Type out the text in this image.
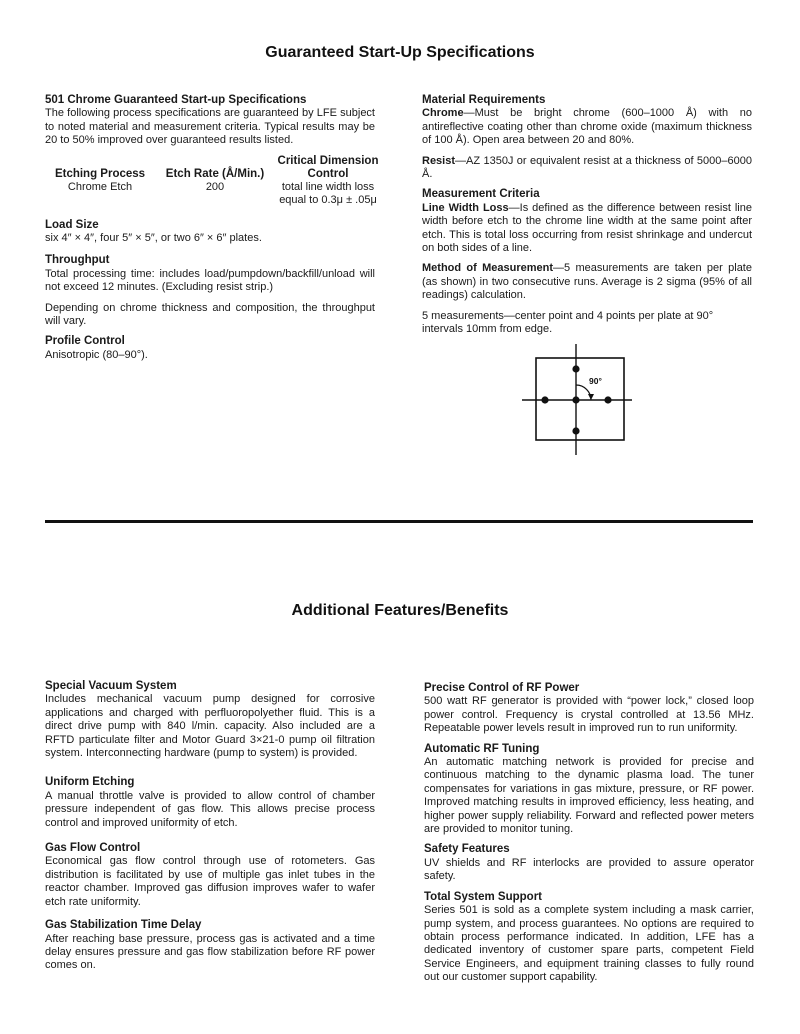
Guaranteed Start-Up Specifications
501 Chrome Guaranteed Start-up Specifications

The following process specifications are guaranteed by LFE subject to noted material and measurement criteria. Typical results may be 20 to 50% improved over guaranteed results listed.

Etching Process	Etch Rate (Å/Min.)	Critical Dimension Control
Chrome Etch	200	total line width loss equal to 0.3μ ± .05μ
Load Size

six 4″ × 4″, four 5″ × 5″, or two 6″ × 6″ plates.

Throughput

Total processing time: includes load/pumpdown/backfill/unload will not exceed 12 minutes. (Excluding resist strip.)

Depending on chrome thickness and composition, the throughput will vary.

Profile Control

Anisotropic (80–90°).

Material Requirements

Chrome—Must be bright chrome (600–1000 Å) with no antireflective coating other than chrome oxide (maximum thickness of 100 Å). Open area between 20 and 80%.

Resist—AZ 1350J or equivalent resist at a thickness of 5000–6000 Å.

Measurement Criteria

Line Width Loss—Is defined as the difference between resist line width before etch to the chrome line width at the same point after etch. This is total loss occurring from resist shrinkage and undercut on both sides of a line.

Method of Measurement—5 measurements are taken per plate (as shown) in two consecutive runs. Average is 2 sigma (95% of all readings) calculation.

5 measurements—center point and 4 points per plate at 90° intervals 10mm from edge.

90°
Additional Features/Benefits
Special Vacuum System

Includes mechanical vacuum pump designed for corrosive applications and charged with perfluoropolyether fluid. This is a direct drive pump with 840 l/min. capacity. Also included are a RFTD particulate filter and Motor Guard 3×21-0 pump oil filtration system. Interconnecting hardware (pump to system) is provided.

Uniform Etching

A manual throttle valve is provided to allow control of chamber pressure independent of gas flow. This allows precise process control and improved uniformity of etch.

Gas Flow Control

Economical gas flow control through use of rotometers. Gas distribution is facilitated by use of multiple gas inlet tubes in the reactor chamber. Improved gas diffusion improves wafer to wafer etch rate uniformity.

Gas Stabilization Time Delay

After reaching base pressure, process gas is activated and a time delay ensures pressure and gas flow stabilization before RF power comes on.

Precise Control of RF Power

500 watt RF generator is provided with “power lock,” closed loop power control. Frequency is crystal controlled at 13.56 MHz. Repeatable power levels result in improved run to run uniformity.

Automatic RF Tuning

An automatic matching network is provided for precise and continuous matching to the dynamic plasma load. The tuner compensates for variations in gas mixture, pressure, or RF power. Improved matching results in improved efficiency, less heating, and higher power supply reliability. Forward and reflected power meters are provided to monitor tuning.

Safety Features

UV shields and RF interlocks are provided to assure operator safety.

Total System Support

Series 501 is sold as a complete system including a mask carrier, pump system, and process guarantees. No options are required to obtain process performance indicated. In addition, LFE has a dedicated inventory of customer spare parts, competent Field Service Engineers, and equipment training classes to fully round out our customer support capability.
